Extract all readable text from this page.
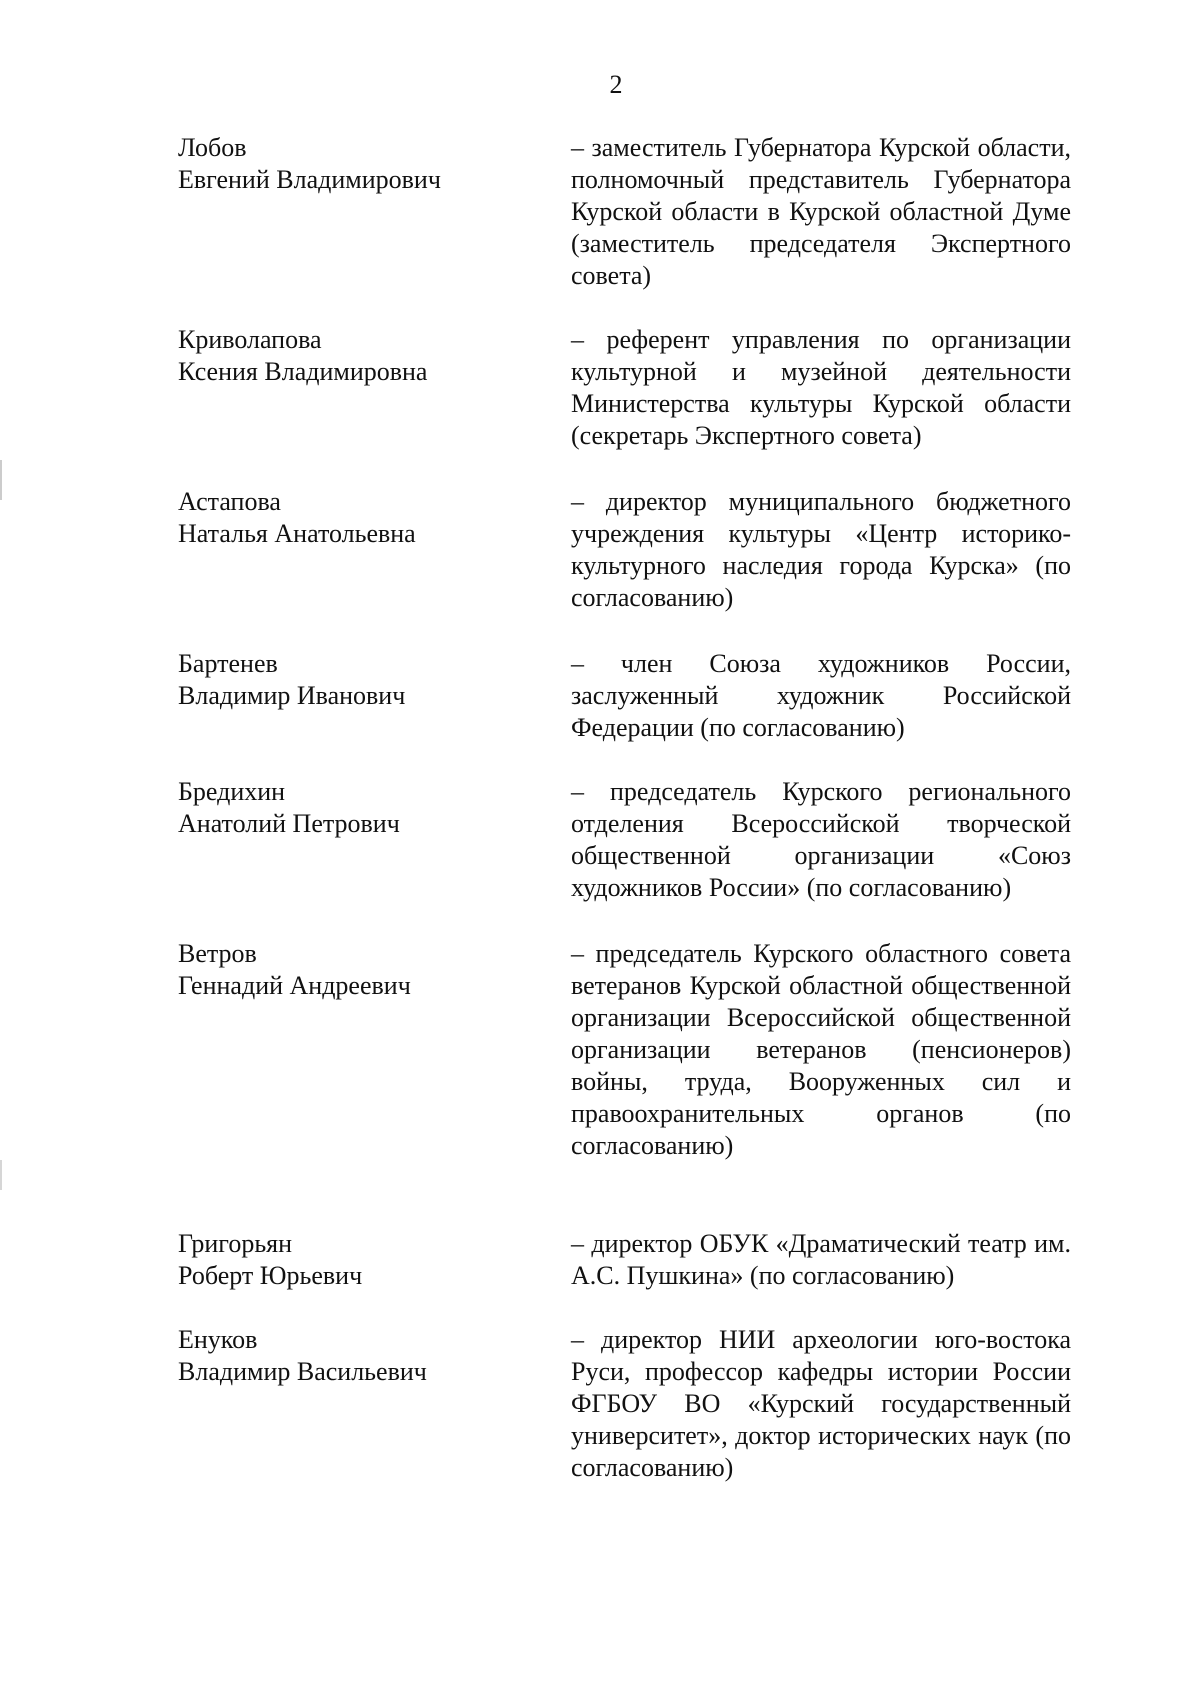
2
Лобов
Евгений Владимирович

– заместитель Губернатора Курской области, полномочный представитель Губернатора Курской области в Курской областной Думе (заместитель председателя Экспертного совета)

Криволапова
Ксения Владимировна

– референт управления по организации культурной и музейной деятельности Министерства культуры Курской области (секретарь Экспертного совета)

Астапова
Наталья Анатольевна

– директор муниципального бюджетного учреждения культуры «Центр историко-культурного наследия города Курска» (по согласованию)

Бартенев
Владимир Иванович

– член Союза художников России, заслуженный художник Российской Федерации (по согласованию)

Бредихин
Анатолий Петрович

– председатель Курского регионального отделения Всероссийской творческой общественной организации «Союз художников России» (по согласованию)

Ветров
Геннадий Андреевич

– председатель Курского областного совета ветеранов Курской областной общественной организации Всероссийской общественной организации ветеранов (пенсионеров) войны, труда, Вооруженных сил и правоохранительных органов (по согласованию)

Григорьян
Роберт Юрьевич

– директор ОБУК «Драматический театр им. А.С. Пушкина» (по согласованию)

Енуков
Владимир Васильевич

– директор НИИ археологии юго-востока Руси, профессор кафедры истории России ФГБОУ ВО «Курский государственный университет», доктор исторических наук (по согласованию)
